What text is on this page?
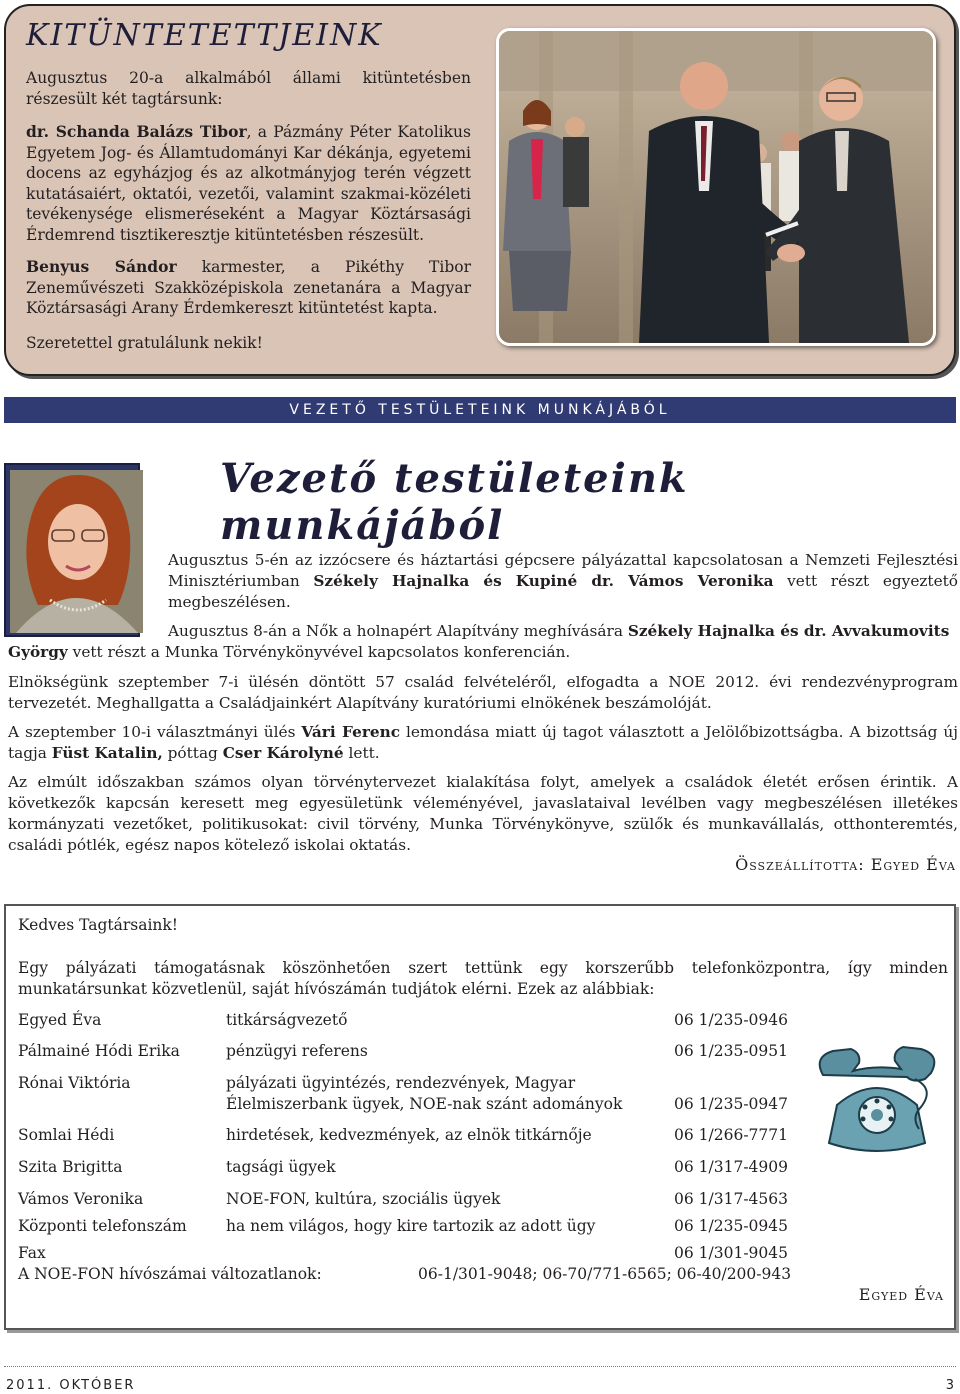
KITÜNTETETTJEINK

Augusztus 20-a alkalmából állami kitüntetésben részesült két tagtársunk:

dr. Schanda Balázs Tibor, a Pázmány Péter Katolikus Egyetem Jog- és Államtudományi Kar dékánja, egyetemi docens az egyházjog és az alkotmányjog terén végzett kutatásaiért, oktatói, vezetői, valamint szakmai-közéleti tevékenysége elismeréseként a Magyar Köztársasági Érdemrend tisztikeresztje kitüntetésben részesült.

Benyus Sándor karmester, a Pikéthy Tibor Zeneművészeti Szakközépiskola zenetanára a Magyar Köztársasági Arany Érdemkereszt kitüntetést kapta.

Szeretettel gratulálunk nekik!

VEZETŐ TESTÜLETEINK MUNKÁJÁBÓL
Vezető testületeink munkájából

Augusztus 5-én az izzócsere és háztartási gépcsere pályázattal kapcsolatosan a Nemzeti Fejlesztési Minisztériumban Székely Hajnalka és Kupiné dr. Vámos Veronika vett részt egyeztető megbeszélésen.

Augusztus 8-án a Nők a holnapért Alapítvány meghívására Székely Hajnalka és dr. Avvakumovits

György vett részt a Munka Törvénykönyvével kapcsolatos konferencián.

Elnökségünk szeptember 7-i ülésén döntött 57 család felvételéről, elfogadta a NOE 2012. évi rendezvényprogram tervezetét. Meghallgatta a Családjainkért Alapítvány kuratóriumi elnökének beszámolóját.

A szeptember 10-i választmányi ülés Vári Ferenc lemondása miatt új tagot választott a Jelölőbizottságba. A bizottság új tagja Füst Katalin, póttag Cser Károlyné lett.

Az elmúlt időszakban számos olyan törvénytervezet kialakítása folyt, amelyek a családok életét erősen érintik. A következők kapcsán keresett meg egyesületünk véleményével, javaslataival levélben vagy megbeszélésen illetékes kormányzati vezetőket, politikusokat: civil törvény, Munka Törvénykönyve, szülők és munkavállalás, otthonteremtés, családi pótlék, egész napos kötelező iskolai oktatás.

Összeállította: Egyed Éva
Kedves Tagtársaink!

Egy pályázati támogatásnak köszönhetően szert tettünk egy korszerűbb telefonközpontra, így minden munkatársunkat közvetlenül, saját hívószámán tudjátok elérni. Ezek az alábbiak:

Egyed Éva	titkárságvezető	06 1/235-0946
Pálmainé Hódi Erika	pénzügyi referens	06 1/235-0951
Rónai Viktória	pályázati ügyintézés, rendezvények, Magyar
Élelmiszerbank ügyek, NOE-nak szánt adományok	06 1/235-0947
Somlai Hédi	hirdetések, kedvezmények, az elnök titkárnője	06 1/266-7771
Szita Brigitta	tagsági ügyek	06 1/317-4909
Vámos Veronika	NOE-FON, kultúra, szociális ügyek	06 1/317-4563
Központi telefonszám	ha nem világos, hogy kire tartozik az adott ügy	06 1/235-0945
Fax	06 1/301-9045
A NOE-FON hívószámai változatlanok:	06-1/301-9048; 06-70/771-6565; 06-40/200-943
Egyed Éva
2011. OKTÓBER	3
